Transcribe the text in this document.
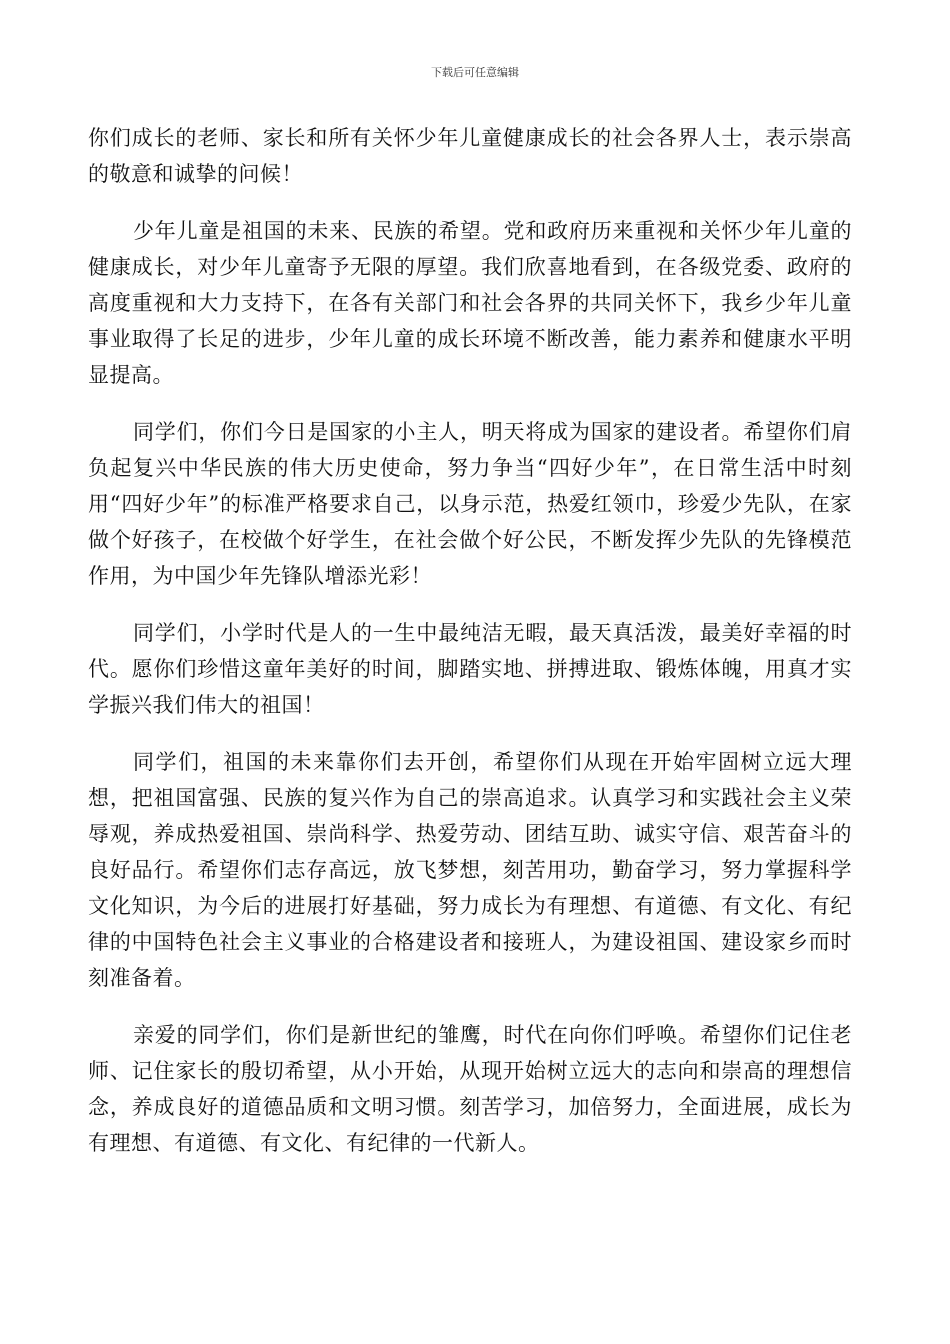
下载后可任意编辑

你们成长的老师、家长和所有关怀少年儿童健康成长的社会各界人士，表示崇高的敬意和诚挚的问候！

少年儿童是祖国的未来、民族的希望。党和政府历来重视和关怀少年儿童的健康成长，对少年儿童寄予无限的厚望。我们欣喜地看到，在各级党委、政府的高度重视和大力支持下，在各有关部门和社会各界的共同关怀下，我乡少年儿童事业取得了长足的进步，少年儿童的成长环境不断改善，能力素养和健康水平明显提高。

同学们，你们今日是国家的小主人，明天将成为国家的建设者。希望你们肩负起复兴中华民族的伟大历史使命，努力争当“四好少年”，在日常生活中时刻用“四好少年”的标准严格要求自己，以身示范，热爱红领巾，珍爱少先队，在家做个好孩子，在校做个好学生，在社会做个好公民，不断发挥少先队的先锋模范作用，为中国少年先锋队增添光彩！

同学们，小学时代是人的一生中最纯洁无暇，最天真活泼，最美好幸福的时代。愿你们珍惜这童年美好的时间，脚踏实地、拼搏进取、锻炼体魄，用真才实学振兴我们伟大的祖国！

同学们，祖国的未来靠你们去开创，希望你们从现在开始牢固树立远大理想，把祖国富强、民族的复兴作为自己的崇高追求。认真学习和实践社会主义荣辱观，养成热爱祖国、崇尚科学、热爱劳动、团结互助、诚实守信、艰苦奋斗的良好品行。希望你们志存高远，放飞梦想，刻苦用功，勤奋学习，努力掌握科学文化知识，为今后的进展打好基础，努力成长为有理想、有道德、有文化、有纪律的中国特色社会主义事业的合格建设者和接班人，为建设祖国、建设家乡而时刻准备着。

亲爱的同学们，你们是新世纪的雏鹰，时代在向你们呼唤。希望你们记住老师、记住家长的殷切希望，从小开始，从现开始树立远大的志向和崇高的理想信念，养成良好的道德品质和文明习惯。刻苦学习，加倍努力，全面进展，成长为有理想、有道德、有文化、有纪律的一代新人。
